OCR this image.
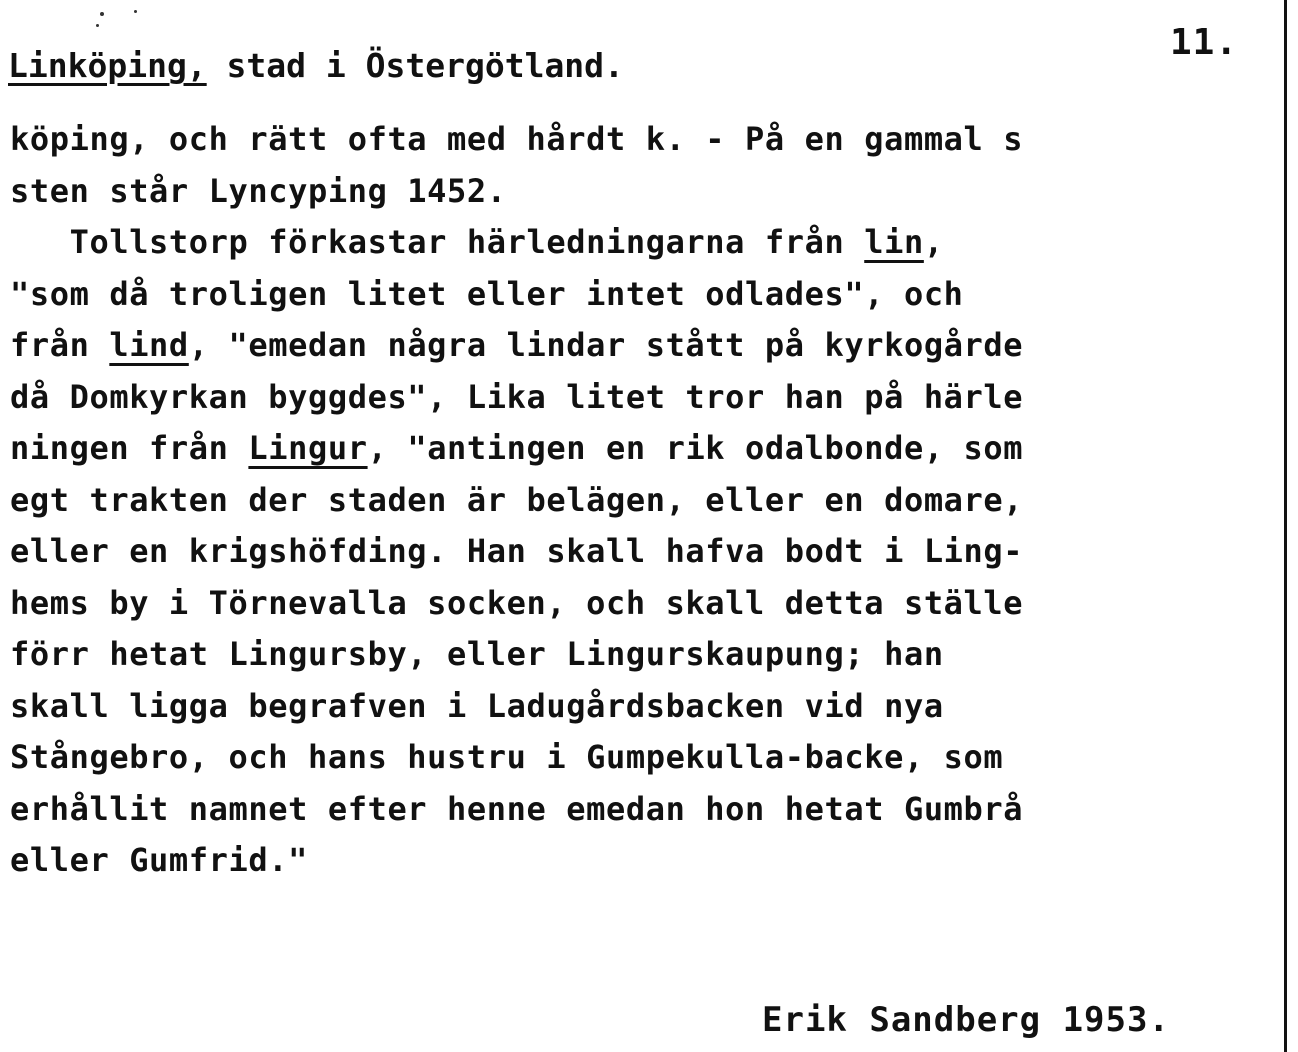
11.
Linköping, stad i Östergötland.
köping, och rätt ofta med hårdt k. - På en gammal s
sten står Lyncyping 1452.
Tollstorp förkastar härledningarna från lin,
"som då troligen litet eller intet odlades", och
från lind, "emedan några lindar stått på kyrkogårde
då Domkyrkan byggdes", Lika litet tror han på härle
ningen från Lingur, "antingen en rik odalbonde, som
egt trakten der staden är belägen, eller en domare,
eller en krigshöfding. Han skall hafva bodt i Ling-
hems by i Törnevalla socken, och skall detta ställe
förr hetat Lingursby, eller Lingurskaupung; han
skall ligga begrafven i Ladugårdsbacken vid nya
Stångebro, och hans hustru i Gumpekulla-backe, som
erhållit namnet efter henne emedan hon hetat Gumbrå
eller Gumfrid."
Erik Sandberg 1953.
